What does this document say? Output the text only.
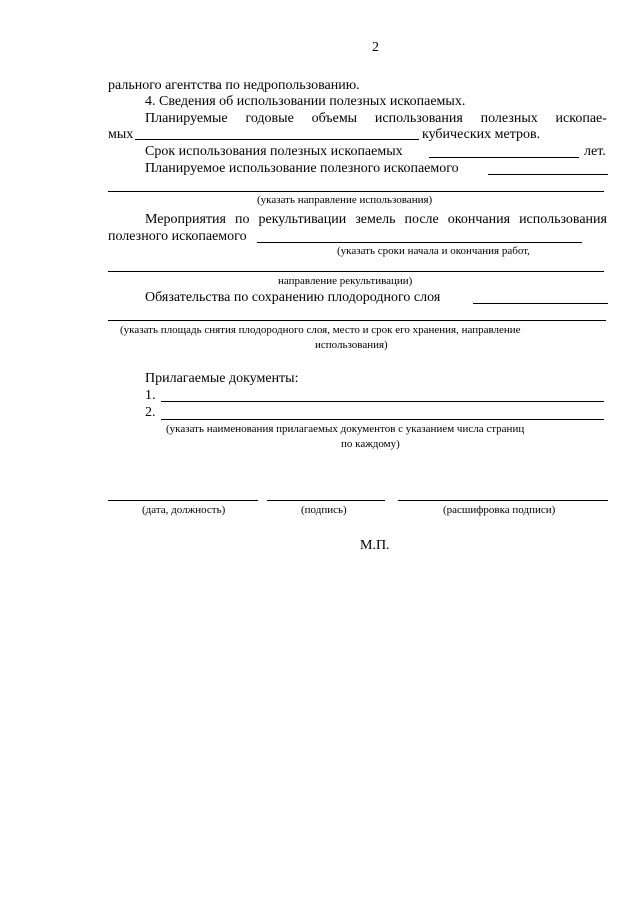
2
рального агентства по недропользованию.
4. Сведения об использовании полезных ископаемых.
Планируемые годовые объемы использования полезных ископае-
мых	кубических метров.
Срок использования полезных ископаемых	лет.
Планируемое использование полезного ископаемого
(указать направление использования)
Мероприятия по рекультивации земель после окончания использования
полезного ископаемого
(указать сроки начала и окончания работ,
направление рекультивации)
Обязательства по сохранению плодородного слоя
(указать площадь снятия плодородного слоя, место и срок его хранения, направление
использования)
Прилагаемые документы:
1.
2.
(указать наименования прилагаемых документов с указанием числа страниц
по каждому)
(дата, должность)	(подпись)	(расшифровка подписи)
М.П.
